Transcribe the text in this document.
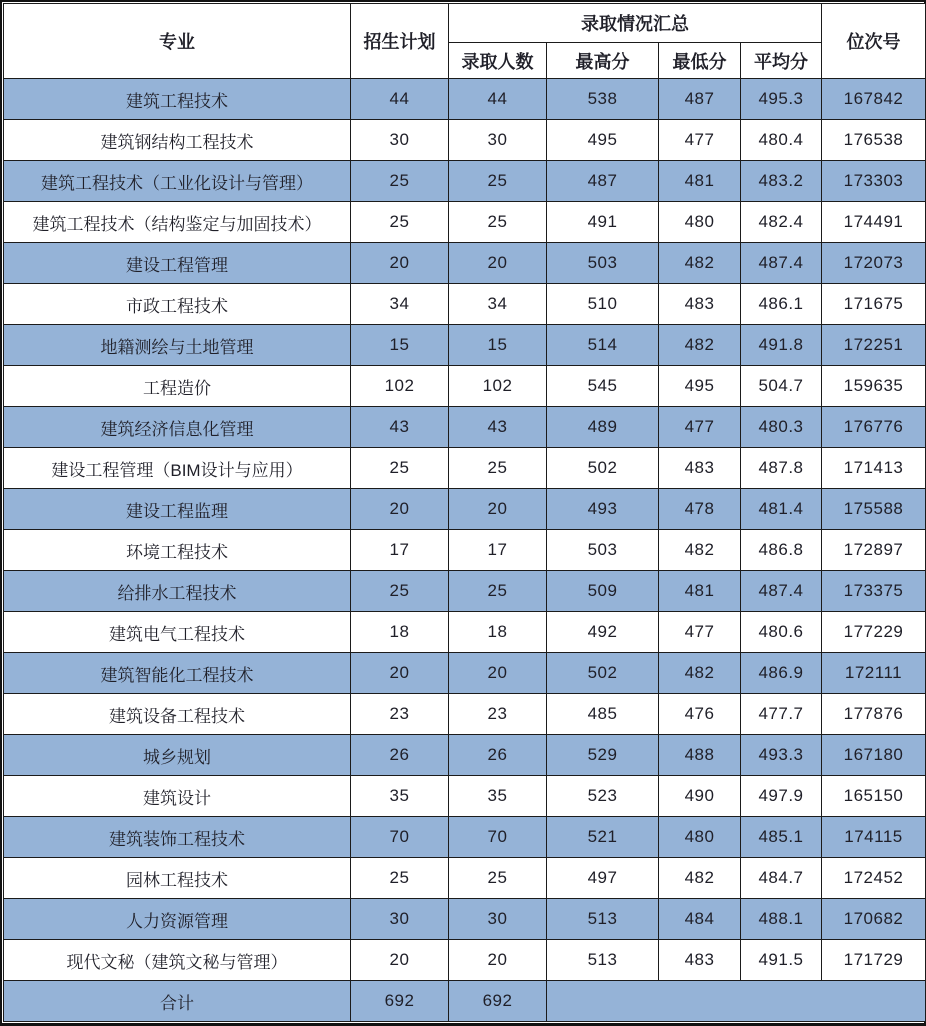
专业	招生计划	录取情况汇总				位次号
		录取人数	最高分	最低分	平均分	
建筑工程技术	44	44	538	487	495.3	167842
建筑钢结构工程技术	30	30	495	477	480.4	176538
建筑工程技术（工业化设计与管理）	25	25	487	481	483.2	173303
建筑工程技术（结构鉴定与加固技术）	25	25	491	480	482.4	174491
建设工程管理	20	20	503	482	487.4	172073
市政工程技术	34	34	510	483	486.1	171675
地籍测绘与土地管理	15	15	514	482	491.8	172251
工程造价	102	102	545	495	504.7	159635
建筑经济信息化管理	43	43	489	477	480.3	176776
建设工程管理（BIM设计与应用）	25	25	502	483	487.8	171413
建设工程监理	20	20	493	478	481.4	175588
环境工程技术	17	17	503	482	486.8	172897
给排水工程技术	25	25	509	481	487.4	173375
建筑电气工程技术	18	18	492	477	480.6	177229
建筑智能化工程技术	20	20	502	482	486.9	172111
建筑设备工程技术	23	23	485	476	477.7	177876
城乡规划	26	26	529	488	493.3	167180
建筑设计	35	35	523	490	497.9	165150
建筑装饰工程技术	70	70	521	480	485.1	174115
园林工程技术	25	25	497	482	484.7	172452
人力资源管理	30	30	513	484	488.1	170682
现代文秘（建筑文秘与管理）	20	20	513	483	491.5	171729
合计	692	692				
